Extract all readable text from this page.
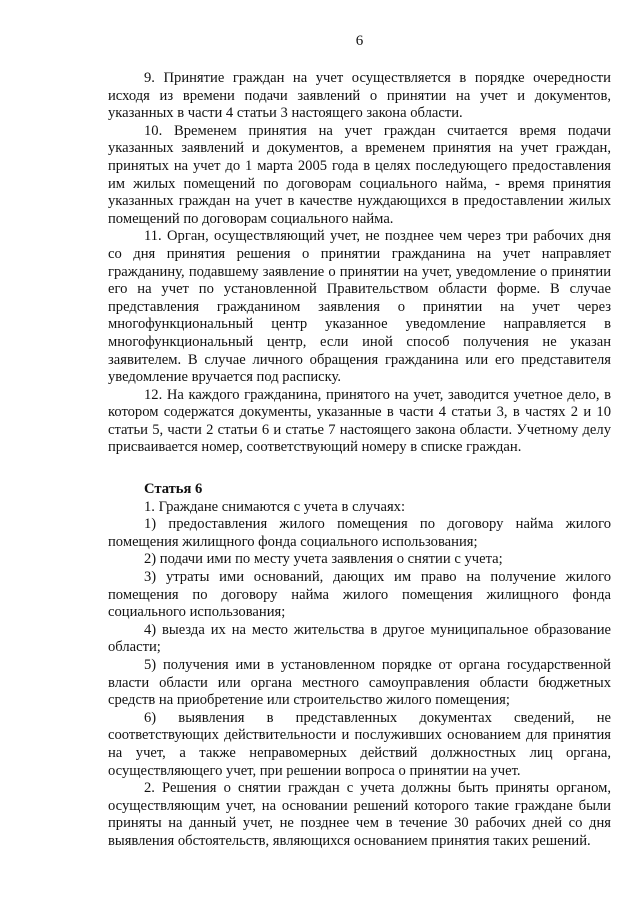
6

9. Принятие граждан на учет осуществляется в порядке очередности исходя из времени подачи заявлений о принятии на учет и документов, указанных в части 4 статьи 3 настоящего закона области.

10. Временем принятия на учет граждан считается время подачи указанных заявлений и документов, а временем принятия на учет граждан, принятых на учет до 1 марта 2005 года в целях последующего предоставления им жилых помещений по договорам социального найма, - время принятия указанных граждан на учет в качестве нуждающихся в предоставлении жилых помещений по договорам социального найма.

11. Орган, осуществляющий учет, не позднее чем через три рабочих дня со дня принятия решения о принятии гражданина на учет направляет гражданину, подавшему заявление о принятии на учет, уведомление о принятии его на учет по установленной Правительством области форме. В случае представления гражданином заявления о принятии на учет через многофункциональный центр указанное уведомление направляется в многофункциональный центр, если иной способ получения не указан заявителем. В случае личного обращения гражданина или его представителя уведомление вручается под расписку.

12. На каждого гражданина, принятого на учет, заводится учетное дело, в котором содержатся документы, указанные в части 4 статьи 3, в частях 2 и 10 статьи 5, части 2 статьи 6 и статье 7 настоящего закона области. Учетному делу присваивается номер, соответствующий номеру в списке граждан.

Статья 6

1. Граждане снимаются с учета в случаях:

1) предоставления жилого помещения по договору найма жилого помещения жилищного фонда социального использования;

2) подачи ими по месту учета заявления о снятии с учета;

3) утраты ими оснований, дающих им право на получение жилого помещения по договору найма жилого помещения жилищного фонда социального использования;

4) выезда их на место жительства в другое муниципальное образование области;

5) получения ими в установленном порядке от органа государственной власти области или органа местного самоуправления области бюджетных средств на приобретение или строительство жилого помещения;

6) выявления в представленных документах сведений, не соответствующих действительности и послуживших основанием для принятия на учет, а также неправомерных действий должностных лиц органа, осуществляющего учет, при решении вопроса о принятии на учет.

2. Решения о снятии граждан с учета должны быть приняты органом, осуществляющим учет, на основании решений которого такие граждане были приняты на данный учет, не позднее чем в течение 30 рабочих дней со дня выявления обстоятельств, являющихся основанием принятия таких решений.
